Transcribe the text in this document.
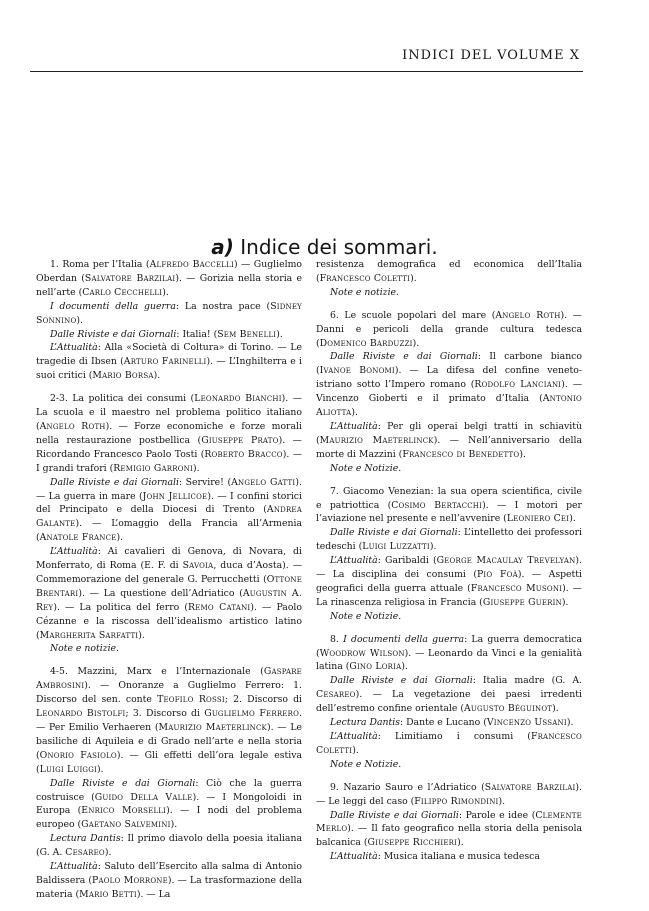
INDICI DEL VOLUME X
a) Indice dei sommari.

1. Roma per l’Italia (Alfredo Baccelli) — Guglielmo Oberdan (Salvatore Barzilai). — Gorizia nella storia e nell’arte (Carlo Cecchelli).

I documenti della guerra: La nostra pace (Sidney Sonnino).

Dalle Riviste e dai Giornali: Italia! (Sem Benelli).

L’Attualità: Alla «Società di Coltura» di Torino. — Le tragedie di Ibsen (Arturo Farinelli). — L’Inghilterra e i suoi critici (Mario Borsa).

2-3. La politica dei consumi (Leonardo Bianchi). — La scuola e il maestro nel problema politico italiano (Angelo Roth). — Forze economiche e forze morali nella restaurazione postbellica (Giuseppe Prato). — Ricordando Francesco Paolo Tosti (Roberto Bracco). — I grandi trafori (Remigio Garroni).

Dalle Riviste e dai Giornali: Servire! (Angelo Gatti). — La guerra in mare (John Jellicoe). — I confini storici del Principato e della Diocesi di Trento (Andrea Galante). — L’omaggio della Francia all’Armenia (Anatole France).

L’Attualità: Ai cavalieri di Genova, di Novara, di Monferrato, di Roma (E. F. di Savoia, duca d’Aosta). — Commemorazione del generale G. Perrucchetti (Ottone Brentari). — La questione dell’Adriatico (Augustin A. Rey). — La politica del ferro (Remo Catani). — Paolo Cézanne e la riscossa dell’idealismo artistico latino (Margherita Sarfatti).

Note e notizie.

4-5. Mazzini, Marx e l’Internazionale (Gaspare Ambrosini). — Onoranze a Guglielmo Ferrero: 1. Discorso del sen. conte Teofilo Rossi; 2. Discorso di Leonardo Bistolfi; 3. Discorso di Guglielmo Ferrero. — Per Emilio Verhaeren (Maurizio Maeterlinck). — Le basiliche di Aquileia e di Grado nell’arte e nella storia (Onorio Fasiolo). — Gli effetti dell’ora legale estiva (Luigi Luiggi).

Dalle Riviste e dai Giornali: Ciò che la guerra costruisce (Guido Della Valle). — I Mongoloidi in Europa (Enrico Morselli). — I nodi del problema europeo (Gaetano Salvemini).

Lectura Dantis: Il primo diavolo della poesia italiana (G. A. Cesareo).

L’Attualità: Saluto dell’Esercito alla salma di Antonio Baldissera (Paolo Morrone). — La trasformazione della materia (Mario Betti). — La

resistenza demografica ed economica dell’Italia (Francesco Coletti).

Note e notizie.

6. Le scuole popolari del mare (Angelo Roth). — Danni e pericoli della grande cultura tedesca (Domenico Barduzzi).

Dalle Riviste e dai Giornali: Il carbone bianco (Ivanoe Bonomi). — La difesa del confine veneto-istriano sotto l’Impero romano (Rodolfo Lanciani). — Vincenzo Gioberti e il primato d’Italia (Antonio Aliotta).

L’Attualità: Per gli operai belgi tratti in schiavitù (Maurizio Maeterlinck). — Nell’anniversario della morte di Mazzini (Francesco di Benedetto).

Note e Notizie.

7. Giacomo Venezian: la sua opera scientifica, civile e patriottica (Cosimo Bertacchi). — I motori per l’aviazione nel presente e nell’avvenire (Leoniero Cei).

Dalle Riviste e dai Giornali: L’intelletto dei professori tedeschi (Luigi Luzzatti).

L’Attualità: Garibaldi (George Macaulay Trevelyan). — La disciplina dei consumi (Pio Foà). — Aspetti geografici della guerra attuale (Francesco Musoni). — La rinascenza religiosa in Francia (Giuseppe Guerin).

Note e Notizie.

8. I documenti della guerra: La guerra democratica (Woodrow Wilson). — Leonardo da Vinci e la genialità latina (Gino Loria).

Dalle Riviste e dai Giornali: Italia madre (G. A. Cesareo). — La vegetazione dei paesi irredenti dell’estremo confine orientale (Augusto Béguinot).

Lectura Dantis: Dante e Lucano (Vincenzo Ussani).

L’Attualità: Limitiamo i consumi (Francesco Coletti).

Note e Notizie.

9. Nazario Sauro e l’Adriatico (Salvatore Barzilai). — Le leggi del caso (Filippo Rimondini).

Dalle Riviste e dai Giornali: Parole e idee (Clemente Merlo). — Il fato geografico nella storia della penisola balcanica (Giuseppe Ricchieri).

L’Attualità: Musica italiana e musica tedesca
